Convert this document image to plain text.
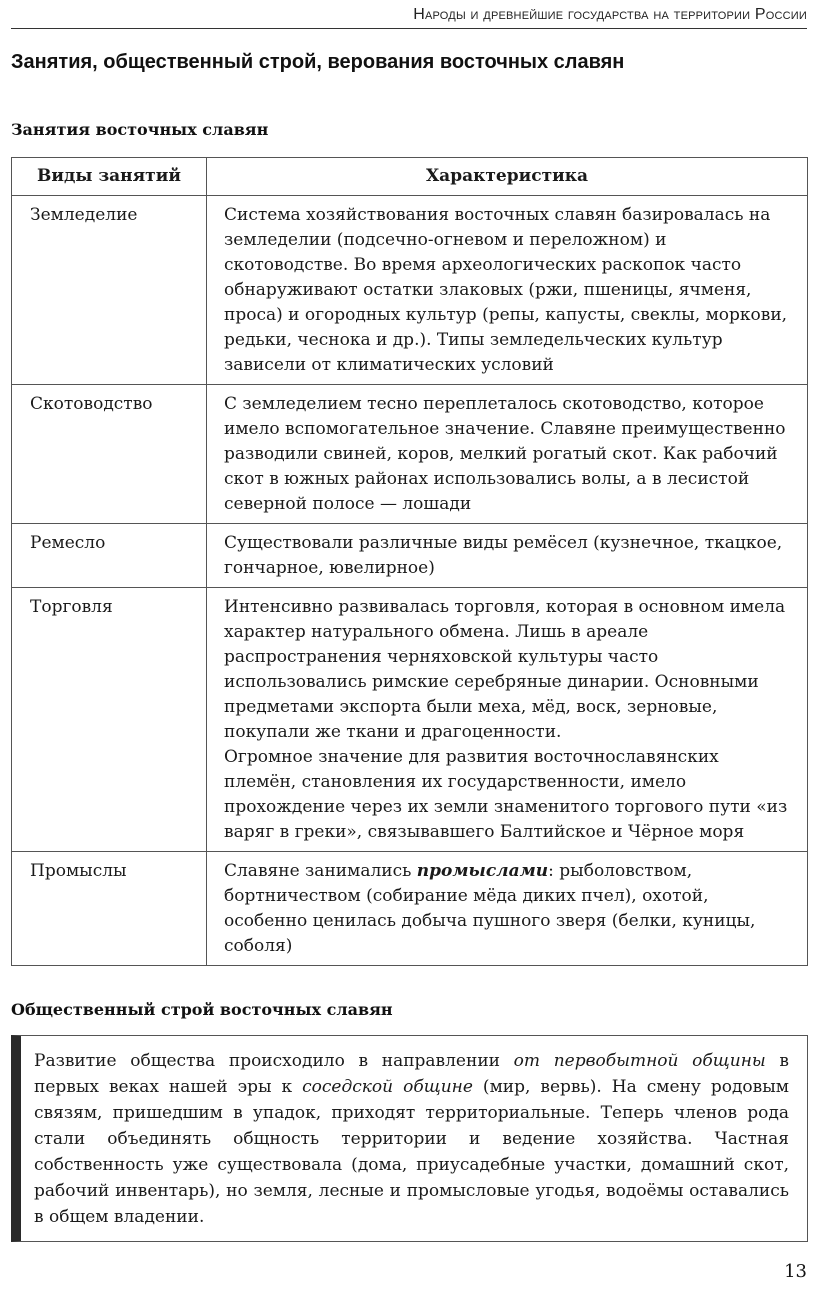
Народы и древнейшие государства на территории России
Занятия, общественный строй, верования восточных славян
Занятия восточных славян
Виды занятий	Характеристика
Земледелие	Система хозяйствования восточных славян базировалась на земледелии (подсечно-огневом и переложном) и скотоводстве. Во время археологических раскопок часто обнаруживают остатки злаковых (ржи, пшеницы, ячменя, проса) и огородных культур (репы, капусты, свеклы, моркови, редьки, чеснока и др.). Типы земледельческих культур зависели от климатических условий
Скотоводство	С земледелием тесно переплеталось скотоводство, которое имело вспомогательное значение. Славяне преимущественно разводили свиней, коров, мелкий рогатый скот. Как рабочий скот в южных районах использовались волы, а в лесистой северной полосе — лошади
Ремесло	Существовали различные виды ремёсел (кузнечное, ткацкое, гончарное, ювелирное)
Торговля	Интенсивно развивалась торговля, которая в основном имела характер натурального обмена. Лишь в ареале распространения черняховской культуры часто использовались римские серебряные динарии. Основными предметами экспорта были меха, мёд, воск, зерновые, покупали же ткани и драгоценности.
Огромное значение для развития восточнославянских племён, становления их государственности, имело прохождение через их земли знаменитого торгового пути «из варяг в греки», связывавшего Балтийское и Чёрное моря
Промыслы	Славяне занимались промыслами: рыболовством, бортничеством (собирание мёда диких пчел), охотой, особенно ценилась добыча пушного зверя (белки, куницы, соболя)
Общественный строй восточных славян
Развитие общества происходило в направлении от первобытной общины в первых веках нашей эры к соседской общине (мир, вервь). На смену родовым связям, пришедшим в упадок, приходят территориальные. Теперь членов рода стали объединять общность территории и ведение хозяйства. Частная собственность уже существовала (дома, приусадебные участки, домашний скот, рабочий инвентарь), но земля, лесные и промысловые угодья, водоёмы оставались в общем владении.
13
